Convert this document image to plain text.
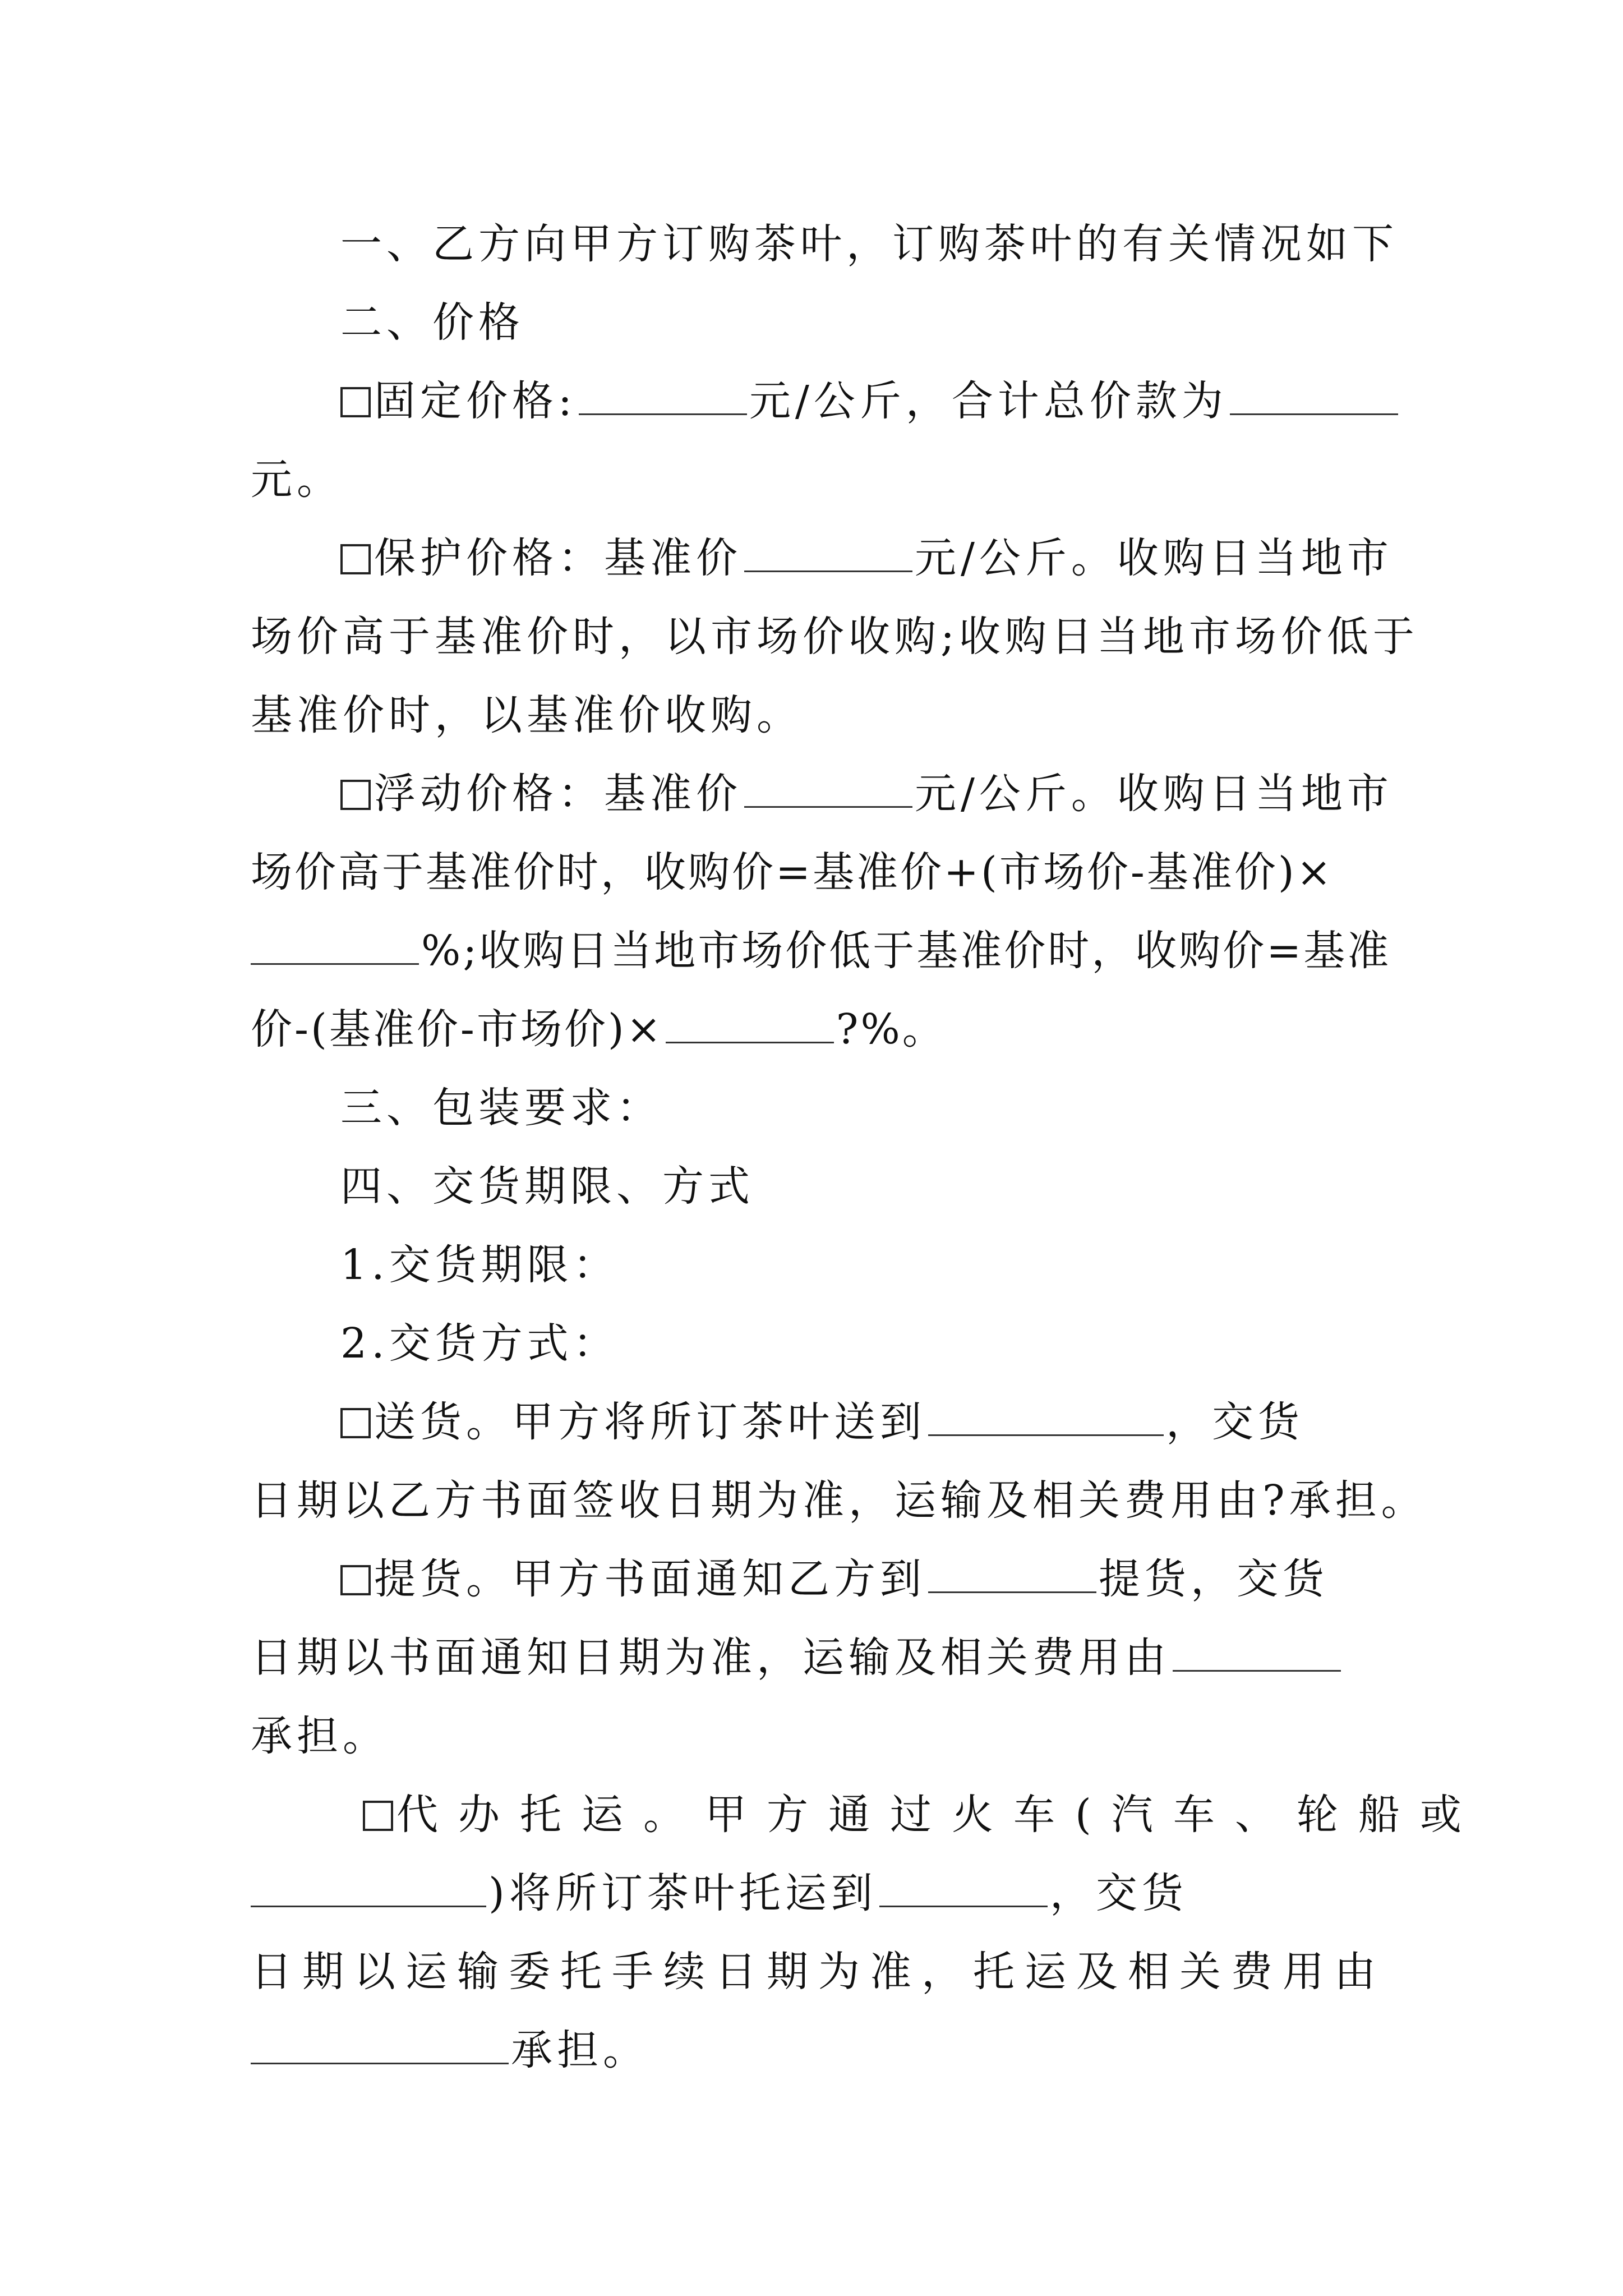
一、乙方向甲方订购茶叶，订购茶叶的有关情况如下
二、价格
固定价格:	元/公斤，合计总价款为
元。
保护价格：基准价	元/公斤。收购日当地市
场价高于基准价时，以市场价收购;收购日当地市场价低于
基准价时，以基准价收购。
浮动价格：基准价	元/公斤。收购日当地市
场价高于基准价时，收购价=基准价+(市场价-基准价)×
%;收购日当地市场价低于基准价时，收购价=基准
价-(基准价-市场价)×	?%。
三、包装要求：
四、交货期限、方式
1.交货期限：
2.交货方式：
送货。甲方将所订茶叶送到	，交货
日期以乙方书面签收日期为准，运输及相关费用由?承担。
提货。甲方书面通知乙方到	提货，交货
日期以书面通知日期为准，运输及相关费用由
承担。
代办托运。甲方通过火车(汽车、轮船或
)将所订茶叶托运到	，交货
日期以运输委托手续日期为准，托运及相关费用由
承担。
